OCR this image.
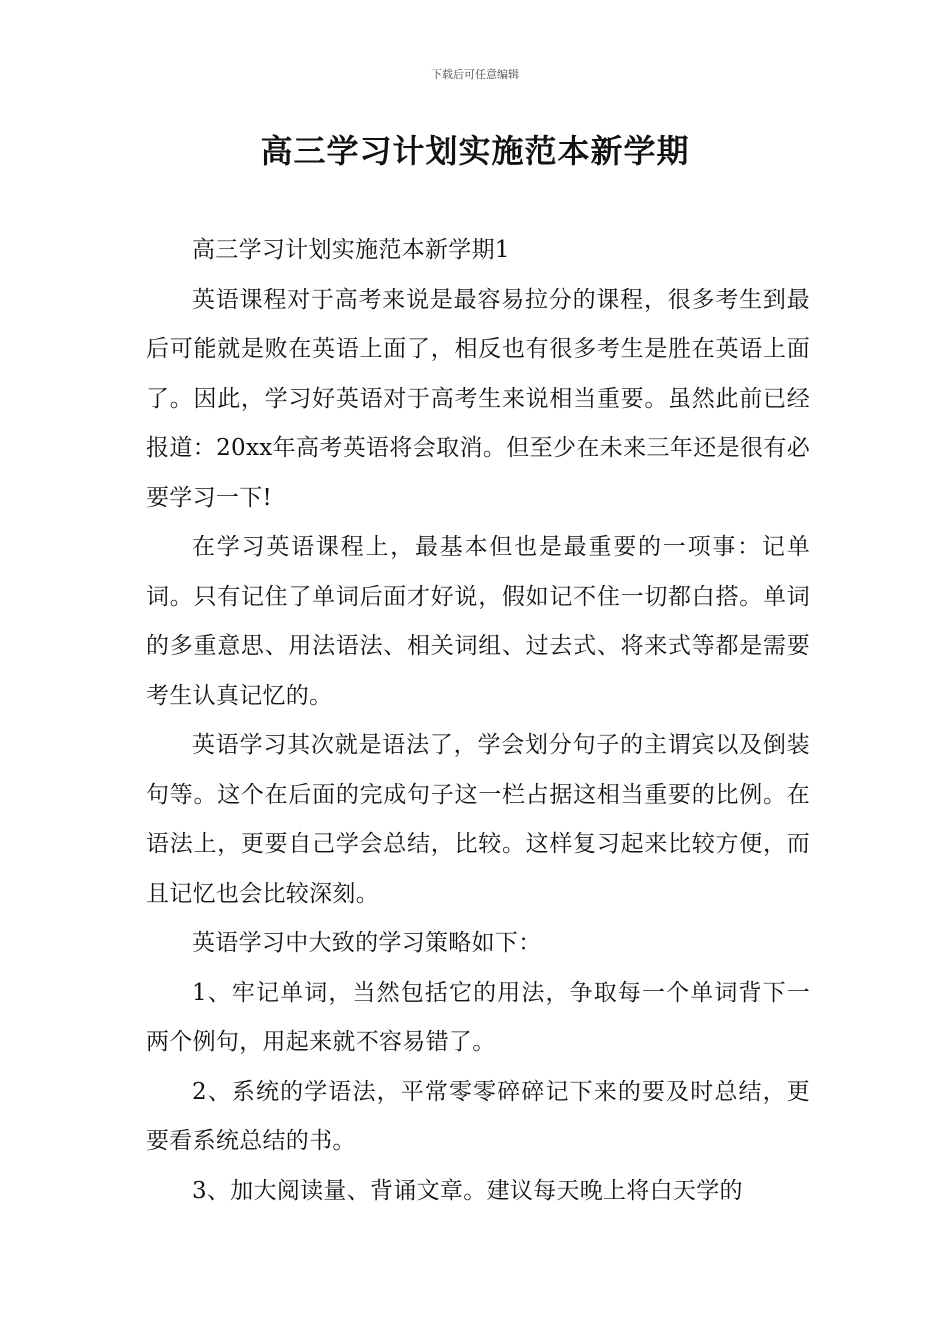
下载后可任意编辑
高三学习计划实施范本新学期

高三学习计划实施范本新学期1

英语课程对于高考来说是最容易拉分的课程，很多考生到最后可能就是败在英语上面了，相反也有很多考生是胜在英语上面了。因此，学习好英语对于高考生来说相当重要。虽然此前已经报道：20xx年高考英语将会取消。但至少在未来三年还是很有必要学习一下!

在学习英语课程上，最基本但也是最重要的一项事：记单词。只有记住了单词后面才好说，假如记不住一切都白搭。单词的多重意思、用法语法、相关词组、过去式、将来式等都是需要考生认真记忆的。

英语学习其次就是语法了，学会划分句子的主谓宾以及倒装句等。这个在后面的完成句子这一栏占据这相当重要的比例。在语法上，更要自己学会总结，比较。这样复习起来比较方便，而且记忆也会比较深刻。

英语学习中大致的学习策略如下：

1、牢记单词，当然包括它的用法，争取每一个单词背下一两个例句，用起来就不容易错了。

2、系统的学语法，平常零零碎碎记下来的要及时总结，更要看系统总结的书。

3、加大阅读量、背诵文章。建议每天晚上将白天学的
